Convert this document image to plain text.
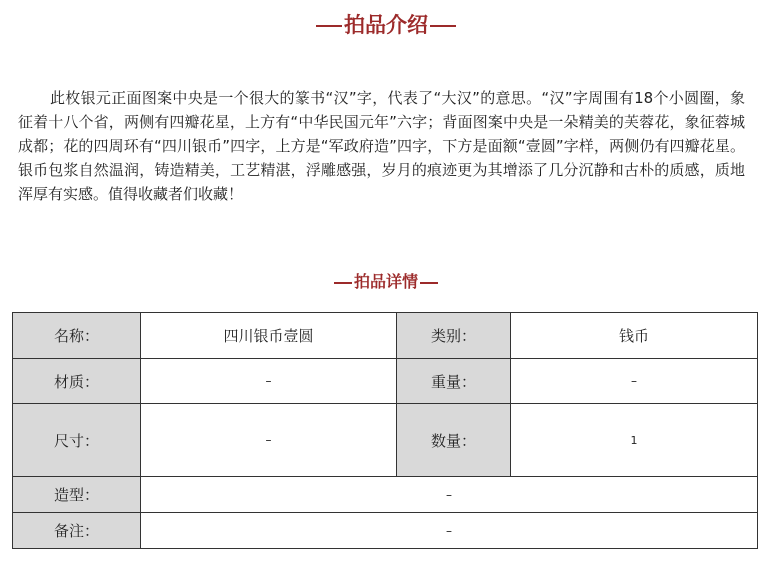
拍品介绍

此枚银元正面图案中央是一个很大的篆书“汉”字，代表了“大汉”的意思。“汉”字周围有18个小圆圈，象征着十八个省，两侧有四瓣花星，上方有“中华民国元年”六字；背面图案中央是一朵精美的芙蓉花，象征蓉城成都；花的四周环有“四川银币”四字，上方是“军政府造”四字，下方是面额“壹圆”字样，两侧仍有四瓣花星。银币包浆自然温润，铸造精美，工艺精湛，浮雕感强，岁月的痕迹更为其增添了几分沉静和古朴的质感，质地浑厚有实感。值得收藏者们收藏！

拍品详情
名称：	四川银币壹圆	类别：	钱币
材质：	–	重量：	–
尺寸：	–	数量：	1
造型：	–		
备注：	–		
